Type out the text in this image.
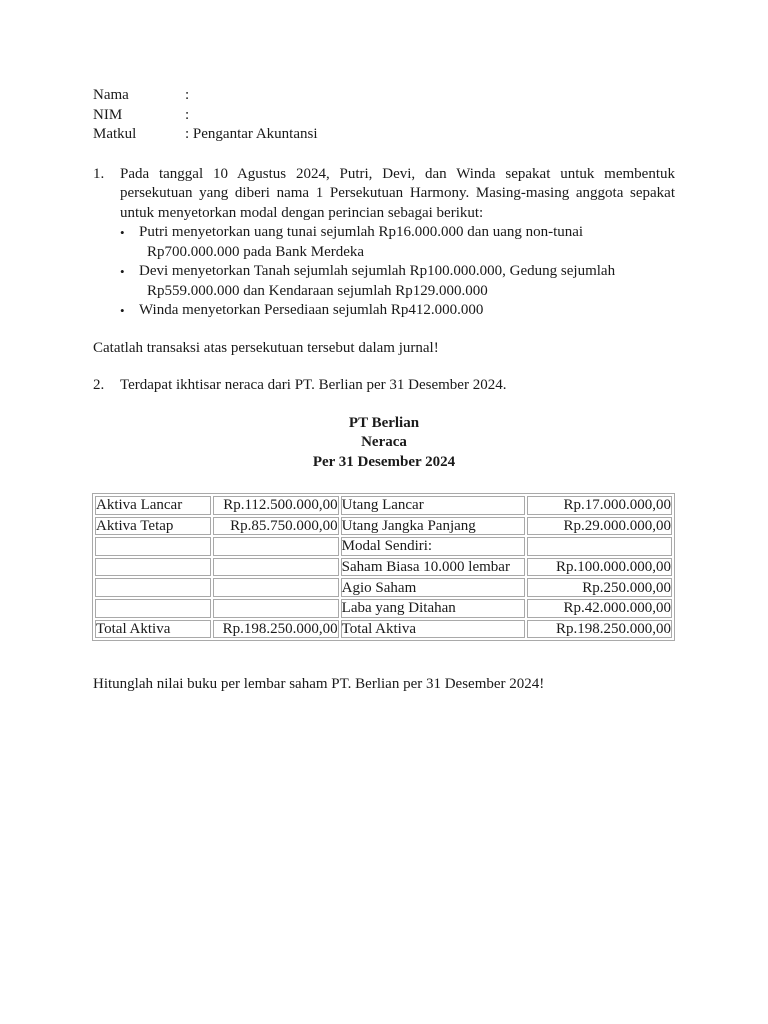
Nama	:
NIM	:
Matkul	: Pengantar Akuntansi
1.	Pada tanggal 10 Agustus 2024, Putri, Devi, dan Winda sepakat untuk membentuk persekutuan yang diberi nama 1 Persekutuan Harmony. Masing-masing anggota sepakat untuk menyetorkan modal dengan perincian sebagai berikut:
• Putri menyetorkan uang tunai sejumlah Rp16.000.000 dan uang non-tunai
Rp700.000.000 pada Bank Merdeka
• Devi menyetorkan Tanah sejumlah sejumlah Rp100.000.000, Gedung sejumlah
Rp559.000.000 dan Kendaraan sejumlah Rp129.000.000
• Winda menyetorkan Persediaan sejumlah Rp412.000.000
Catatlah transaksi atas persekutuan tersebut dalam jurnal!
2.	Terdapat ikhtisar neraca dari PT. Berlian per 31 Desember 2024.
PT Berlian
Neraca
Per 31 Desember 2024
Aktiva Lancar	Rp.112.500.000,00	Utang Lancar	Rp.17.000.000,00
Aktiva Tetap	Rp.85.750.000,00	Utang Jangka Panjang	Rp.29.000.000,00
		Modal Sendiri:	
		Saham Biasa 10.000 lembar	Rp.100.000.000,00
		Agio Saham	Rp.250.000,00
		Laba yang Ditahan	Rp.42.000.000,00
Total Aktiva	Rp.198.250.000,00	Total Aktiva	Rp.198.250.000,00
Hitunglah nilai buku per lembar saham PT. Berlian per 31 Desember 2024!
